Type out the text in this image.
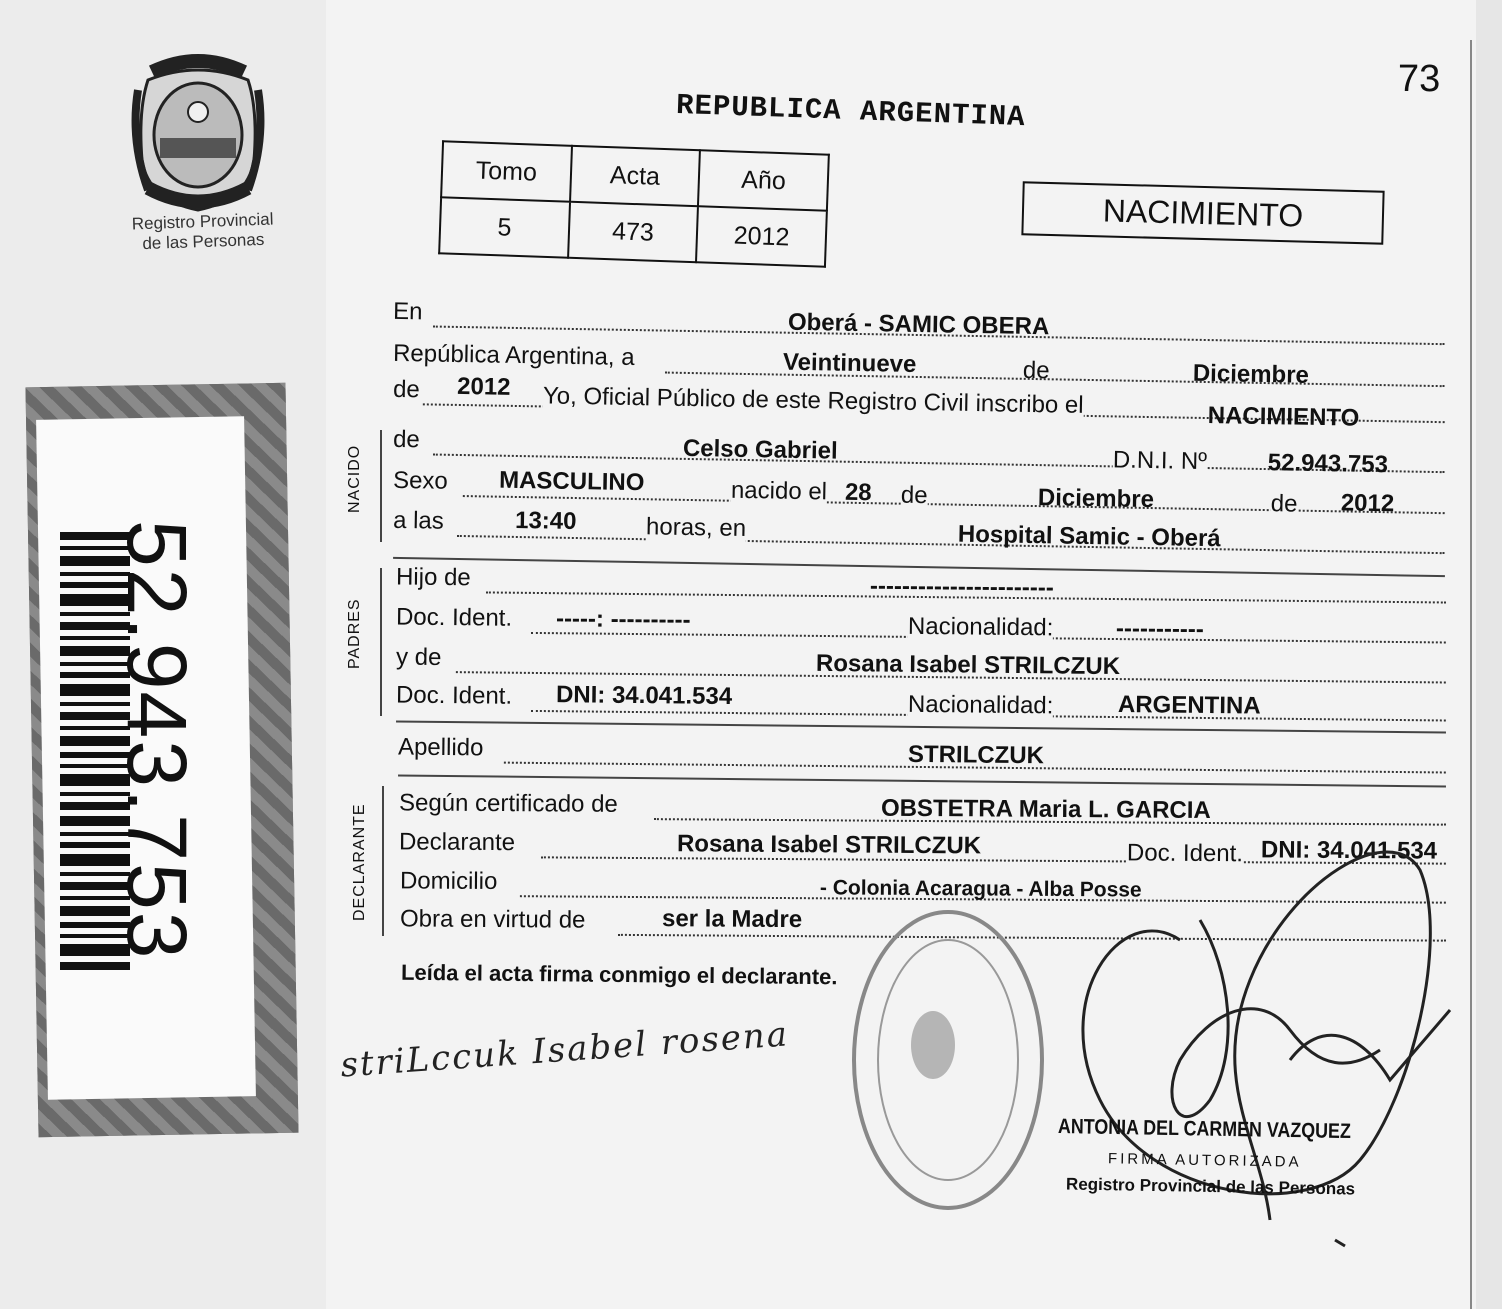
Registro Provincial
de las Personas
52.943.753
73
REPUBLICA ARGENTINA
Tomo	Acta	Año
5	473	2012
NACIMIENTO
En	Oberá - SAMIC OBERA
República Argentina, a	Veintinueve	de	Diciembre
de 2012 Yo, Oficial Público de este Registro Civil inscribo el	NACIMIENTO
NACIDO
de	Celso Gabriel	D.N.I. Nº	52.943.753
Sexo MASCULINO	nacido el 28 de	Diciembre	de 2012
a las	13:40	horas, en	Hospital Samic - Oberá
PADRES
Hijo de	-----------------------
Doc. Ident. -----: ----------	Nacionalidad:	-----------
y de	Rosana Isabel STRILCZUK
Doc. Ident. DNI: 34.041.534	Nacionalidad:	ARGENTINA
Apellido	STRILCZUK
DECLARANTE Según certificado de	OBSTETRA Maria L. GARCIA
Declarante	Rosana Isabel STRILCZUK	Doc. Ident. DNI: 34.041.534
Domicilio	- Colonia Acaragua - Alba Posse
Obra en virtud de	ser la Madre
Leída el acta firma conmigo el declarante.
striLccuk Isabel rosena
ANTONIA DEL CARMEN VAZQUEZ
FIRMA AUTORIZADA
Registro Provincial de las Personas
